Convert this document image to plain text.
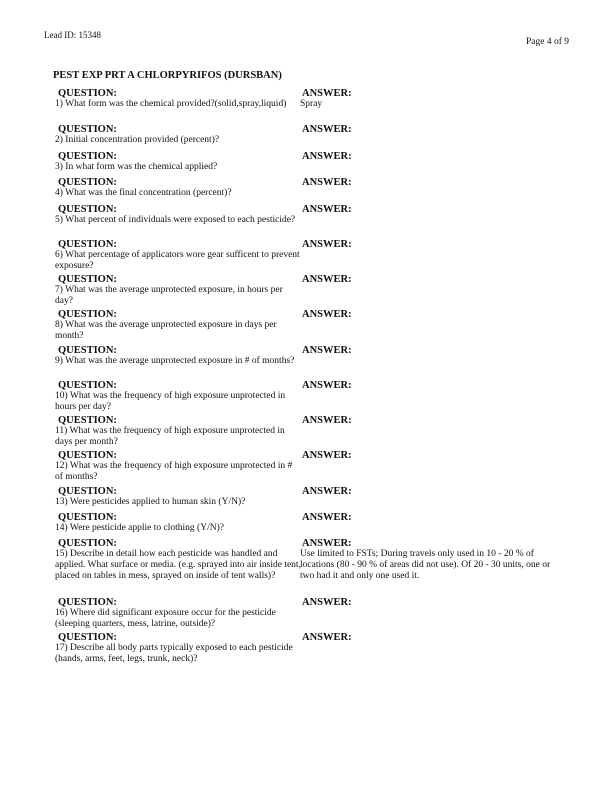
Lead ID: 15348
Page 4 of 9
PEST EXP PRT A CHLORPYRIFOS (DURSBAN)
QUESTION:	ANSWER:
1) What form was the chemical provided?(solid,spray,liquid)	Spray
QUESTION:	ANSWER:
2) Initial concentration provided (percent)?
QUESTION:	ANSWER:
3) In what form was the chemical applied?
QUESTION:	ANSWER:
4) What was the final concentration (percent)?
QUESTION:	ANSWER:
5) What percent of individuals were exposed to each pesticide?
QUESTION:	ANSWER:
6) What percentage of applicators wore gear sufficent to prevent exposure?
QUESTION:	ANSWER:
7) What was the average unprotected exposure, in hours per day?
QUESTION:	ANSWER:
8) What was the average unprotected exposure in days per month?
QUESTION:	ANSWER:
9) What was the average unprotected exposure in # of months?
QUESTION:	ANSWER:
10) What was the frequency of high exposure unprotected in hours per day?
QUESTION:	ANSWER:
11) What was the frequency of high exposure unprotected in days per month?
QUESTION:	ANSWER:
12) What was the frequency of high exposure unprotected in # of months?
QUESTION:	ANSWER:
13) Were pesticides applied to human skin (Y/N)?
QUESTION:	ANSWER:
14) Were pesticide applie to clothing (Y/N)?
QUESTION:	ANSWER:
15) Describe in detail how each pesticide was handled and applied. What surface or media. (e.g. sprayed into air inside tent, placed on tables in mess, sprayed on inside of tent walls)?
Use limited to FSTs; During travels only used in 10 - 20 % of locations (80 - 90 % of areas did not use). Of 20 - 30 units, one or two had it and only one used it.
QUESTION:	ANSWER:
16) Where did significant exposure occur for the pesticide (sleeping quarters, mess, latrine, outside)?
QUESTION:	ANSWER:
17) Describe all body parts typically exposed to each pesticide (hands, arms, feet, legs, trunk, neck)?
